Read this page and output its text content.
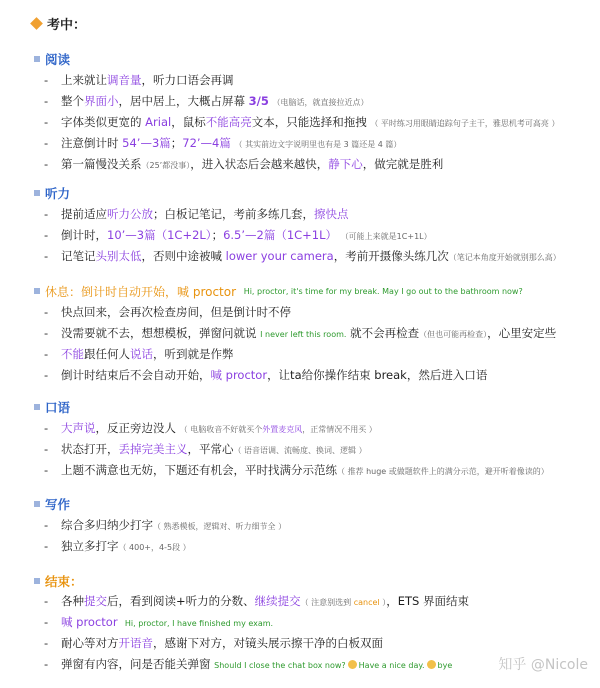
考中：
阅读
- 上来就让调音量，听力口语会再调
- 整个界面小，居中居上，大概占屏幕 3/5 （电脑话，就直接拉近点）
- 字体类似更宽的 Arial，鼠标不能高亮文本，只能选择和拖拽 （ 平时练习用眼睛追踪句子主干，雅思机考可高亮 ）
- 注意倒计时 54’—3篇；72’—4篇 （ 其实前边文字说明里也有是 3 篇还是 4 篇）
- 第一篇慢没关系（25’都没事），进入状态后会越来越快，静下心，做完就是胜利
听力
- 提前适应听力公放；白板记笔记，考前多练几套，擦快点
- 倒计时，10’—3篇（1C+2L）；6.5’—2篇（1C+1L） （可能上来就是1C+1L）
- 记笔记头别太低，否则中途被喊 lower your camera，考前开摄像头练几次（笔记本角度开始就别那么高）
休息： 倒计时自动开始，喊 proctor
Hi, proctor, it's time for my break. May I go out to the bathroom now?
- 快点回来，会再次检查房间，但是倒计时不停
- 没需要就不去，想想模板，弹窗问就说 I never left this room. 就不会再检查（但也可能再检查），心里安定些
- 不能跟任何人说话，听到就是作弊
- 倒计时结束后不会自动开始，喊 proctor，让ta给你操作结束 break，然后进入口语
口语
- 大声说，反正旁边没人 （ 电脑收音不好就买个外置麦克风，正常情况不用买 ）
- 状态打开，丢掉完美主义，平常心（ 语音语调、流畅度、换词、逻辑 ）
- 上题不满意也无妨，下题还有机会，平时找满分示范练（ 推荐 huge 或做题软件上的满分示范，避开听着像读的）
写作
- 综合多归纳少打字（ 熟悉模板，逻辑对、听力细节全 ）
- 独立多打字（ 400+，4-5段 ）
结束：
- 各种提交后，看到阅读+听力的分数、继续提交（ 注意别选到 cancel ），ETS 界面结束
- 喊 proctor Hi, proctor, I have finished my exam.
- 耐心等对方开语音，感谢下对方，对镜头展示擦干净的白板双面
- 弹窗有内容，问是否能关弹窗 Should I close the chat box now? Have a nice day. bye	知乎 @Nicole
